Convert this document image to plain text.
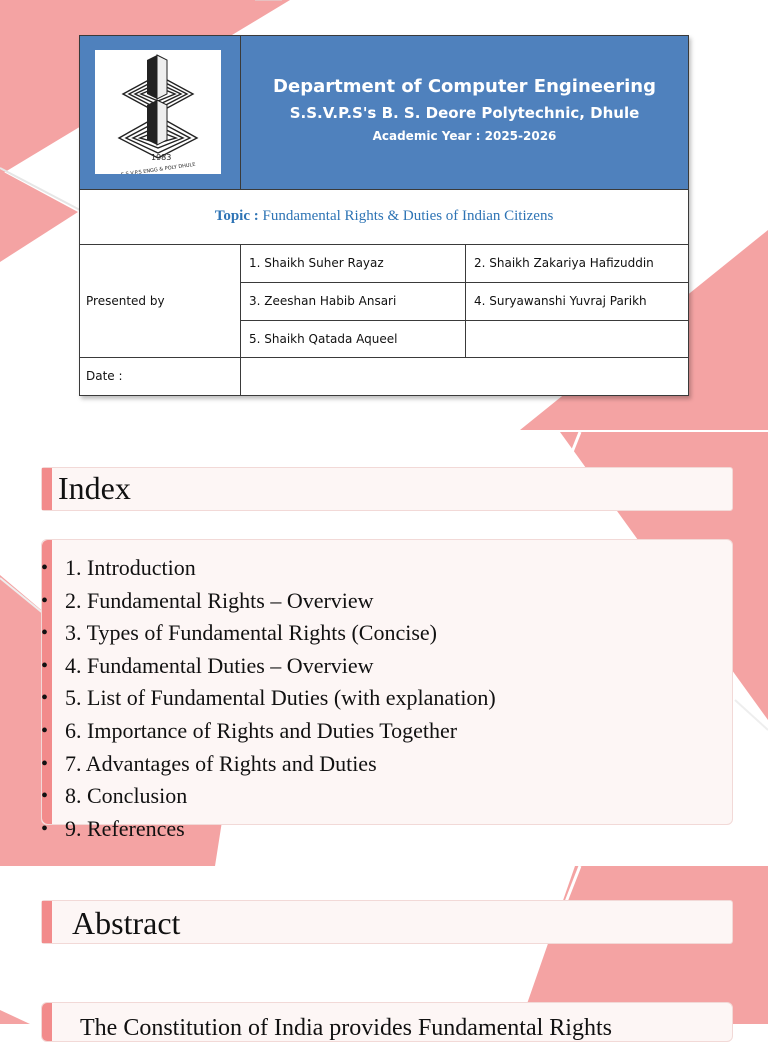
1983
S.S.V.P.S ENGG & POLY DHULE
Department of Computer Engineering
S.S.V.P.S's B. S. Deore Polytechnic, Dhule
Academic Year : 2025-2026
Topic : Fundamental Rights & Duties of Indian Citizens
Presented by
1. Shaikh Suher Rayaz	2. Shaikh Zakariya Hafizuddin
3. Zeeshan Habib Ansari	4. Suryawanshi Yuvraj Parikh
5. Shaikh Qatada Aqueel
Date :
Index
• 1. Introduction
• 2. Fundamental Rights – Overview
• 3. Types of Fundamental Rights (Concise)
• 4. Fundamental Duties – Overview
• 5. List of Fundamental Duties (with explanation)
• 6. Importance of Rights and Duties Together
• 7. Advantages of Rights and Duties
• 8. Conclusion
• 9. References
Abstract
The Constitution of India provides Fundamental Rights
